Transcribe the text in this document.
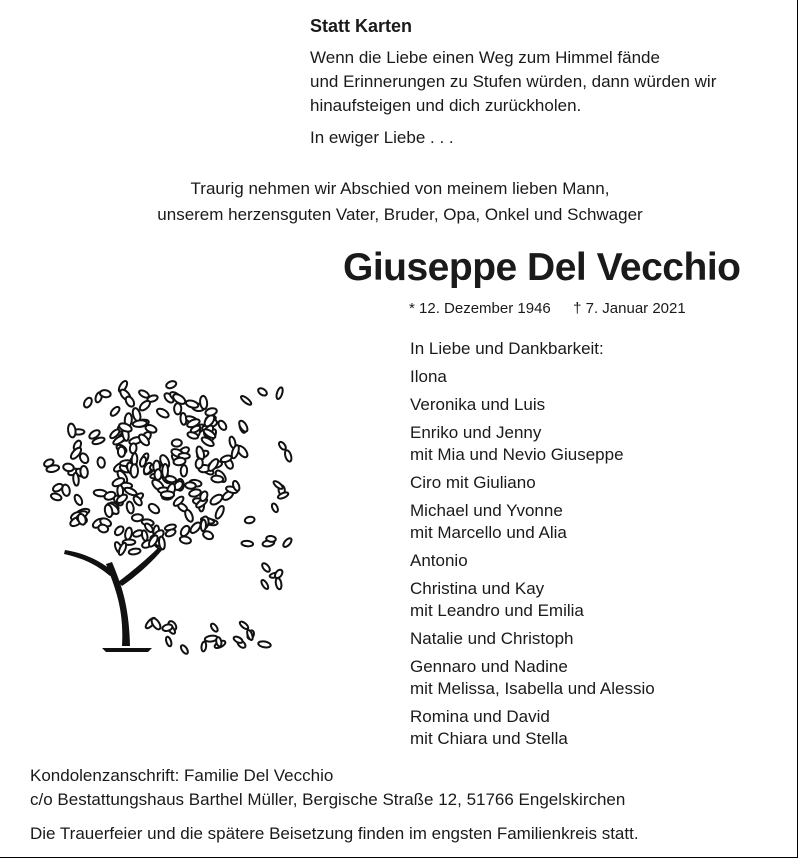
Statt Karten
Wenn die Liebe einen Weg zum Himmel fände
und Erinnerungen zu Stufen würden, dann würden wir
hinaufsteigen und dich zurückholen.
In ewiger Liebe . . .
Traurig nehmen wir Abschied von meinem lieben Mann,
unserem herzensguten Vater, Bruder, Opa, Onkel und Schwager
Giuseppe Del Vecchio
* 12. Dezember 1946 † 7. Januar 2021
In Liebe und Dankbarkeit:
Ilona
Veronika und Luis
Enriko und Jenny
mit Mia und Nevio Giuseppe
Ciro mit Giuliano
Michael und Yvonne
mit Marcello und Alia
Antonio
Christina und Kay
mit Leandro und Emilia
Natalie und Christoph
Gennaro und Nadine
mit Melissa, Isabella und Alessio
Romina und David
mit Chiara und Stella
Kondolenzanschrift: Familie Del Vecchio
c/o Bestattungshaus Barthel Müller, Bergische Straße 12, 51766 Engelskirchen
Die Trauerfeier und die spätere Beisetzung finden im engsten Familienkreis statt.
